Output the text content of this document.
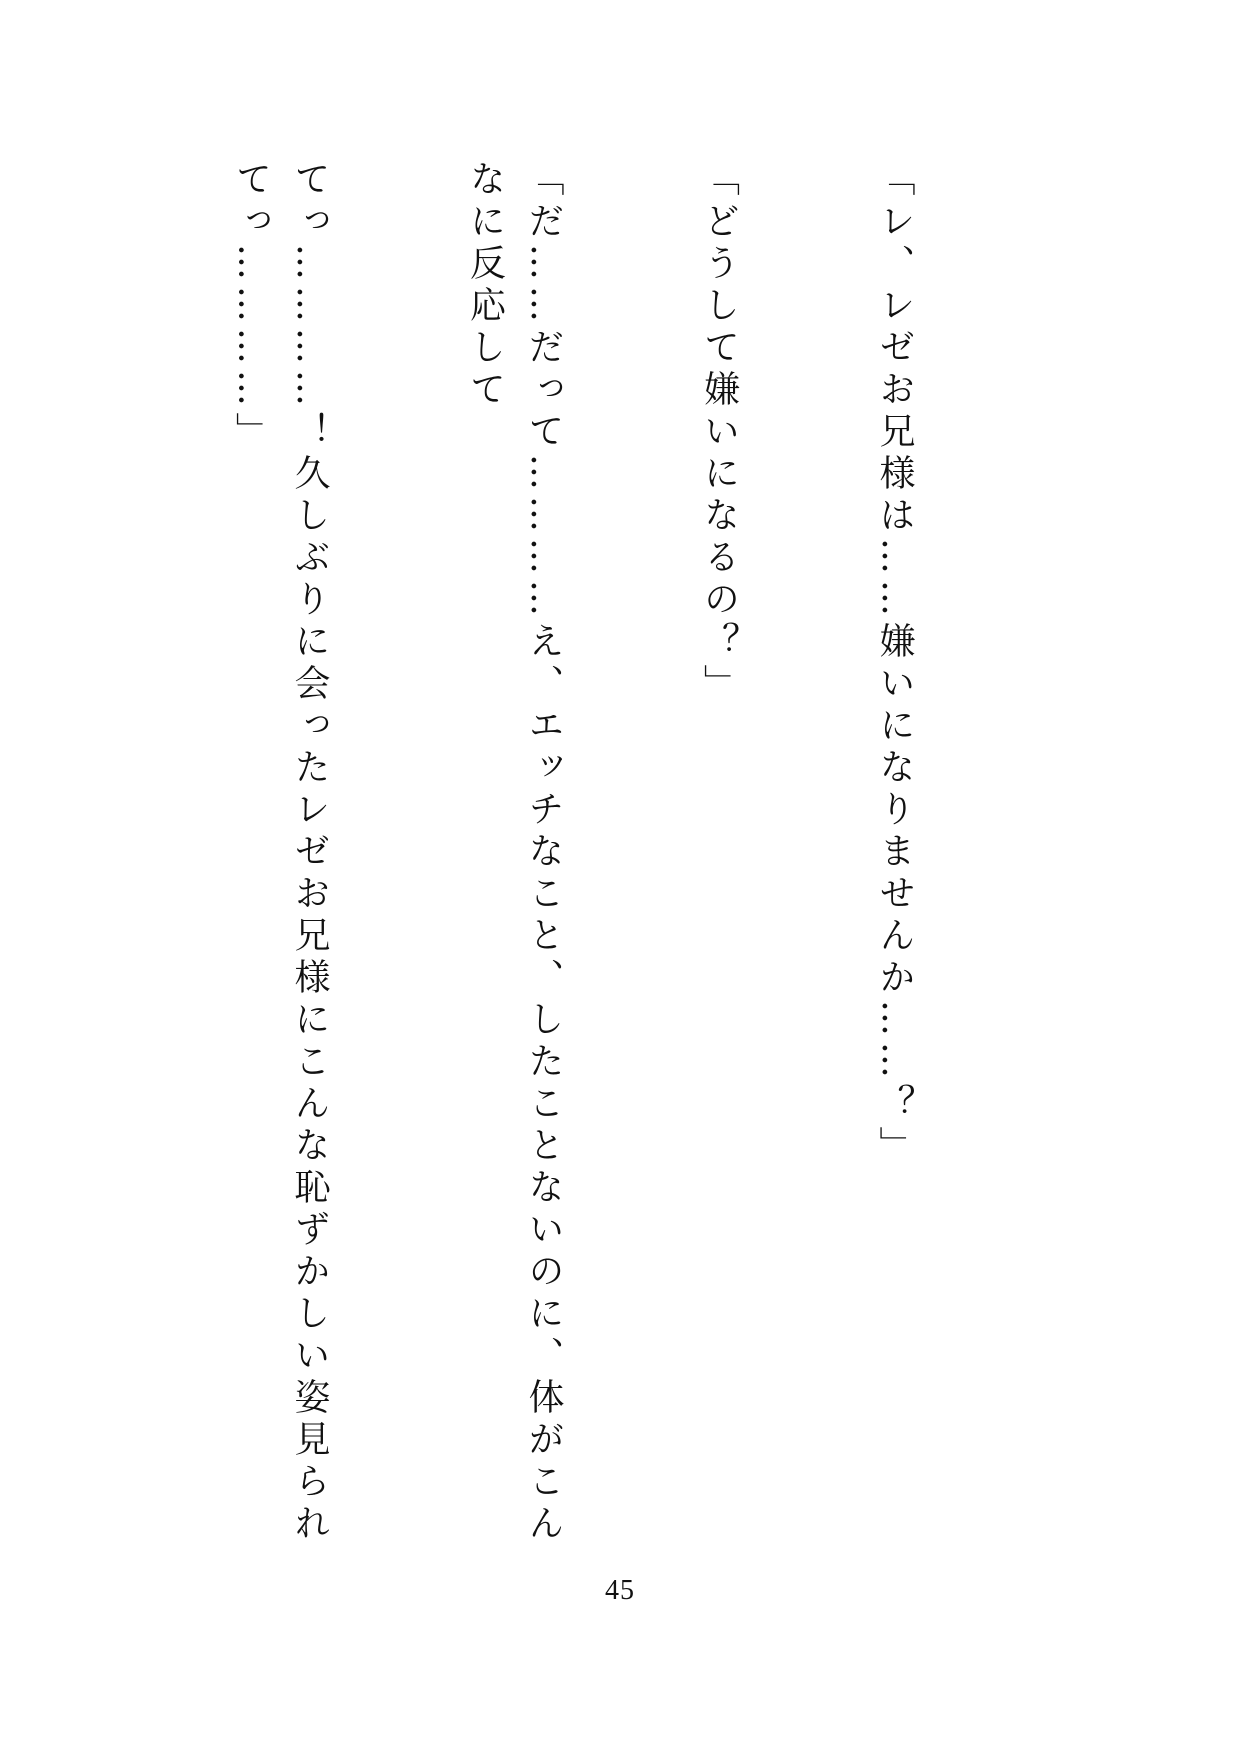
「レ、レゼお兄様は……嫌いになりませんか……？」

「どうして嫌いになるの？」

「だ……だって…………え、エッチなこと、したことないのに、体がこんなに反応して

てっ…………！久しぶりに会ったレゼお兄様にこんな恥ずかしい姿見られてっ…………」

45
